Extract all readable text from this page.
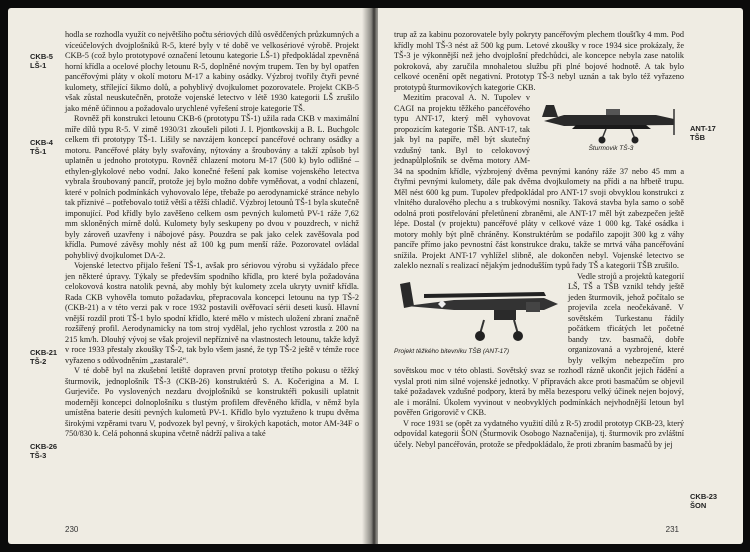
hodla se rozhodla využít co největšího počtu sériových dílů osvědčených průzkumných a víceúčelových dvojplošníků R-5, které byly v té době ve velkosériové výrobě. Projekt CKB-5 (což bylo prototypové označení letounu kategorie LŠ-1) předpokládal zpevněná horní křídla a ocelové plochy letounu R-5, doplněné novým trupem. Ten by byl opatřen pancéřovými pláty v okolí motoru M-17 a kabiny osádky. Výzbroj tvořily čtyři pevné kulomety, střílející šikmo dolů, a pohyblivý dvojkulomet pozorovatele. Projekt CKB-5 však zůstal neuskutečněn, protože vojenské letectvo v létě 1930 kategorii LŠ zrušilo jako méně účinnou a požadovalo urychlené vyřešení stroje kategorie TŠ.

Rovněž při konstrukci letounu CKB-6 (prototypu TŠ-1) užila rada CKB v maximální míře dílů typu R-5. V zimě 1930/31 zkoušeli piloti J. I. Pjontkovskij a B. L. Buchgolc celkem tři prototypy TŠ-1. Lišily se navzájem koncepcí pancéřové ochrany osádky a motoru. Pancéřové pláty byly svařovány, nýtovány a šroubovány a takží způsob byl uplatněn u jednoho prototypu. Rovněž chlazení motoru M-17 (500 k) bylo odlišné – ethylen-glykolové nebo vodní. Jako konečné řešení pak komise vojenského letectva vybrala šroubovaný pancíř, protože jej bylo možno dobře vyměňovat, a vodní chlazení, které v polních podmínkách vyhovovalo lépe, třebaže po aerodynamické stránce nebylo tak příznivé – potřebovalo totiž větší a těžší chladič. Výzbroj letounů TŠ-1 byla skutečně imponující. Pod křídly bylo zavěšeno celkem osm pevných kulometů PV-1 ráže 7,62 mm skloněných mírně dolů. Kulomety byly seskupeny po dvou v pouzdrech, v nichž byly zároveň uzavřeny i nábojové pásy. Pouzdra se pak jako celek zavěšovala pod křídla. Pumové závěsy mohly nést až 100 kg pum menší ráže. Pozorovatel ovládal pohyblivý dvojkulomet DA-2.

Vojenské letectvo přijalo řešení TŠ-1, avšak pro sériovou výrobu si vyžádalo přece jen některé úpravy. Týkaly se především spodního křídla, pro které byla požadována celokovová kostra natolik pevná, aby mohly být kulomety zcela ukryty uvnitř křídla. Rada CKB vyhověla tomuto požadavku, přepracovala koncepci letounu na typ TŠ-2 (CKB-21) a v této verzi pak v roce 1932 postavili ověřovací sérii deseti kusů. Hlavní vnější rozdíl proti TŠ-1 bylo spodní křídlo, které mělo v místech uložení zbraní značně rozšířený profil. Aerodynamicky na tom stroj vydělal, jeho rychlost vzrostla z 200 na 215 km/h. Dlouhý vývoj se však projevil nepříznivě na vlastnostech letounu, takže když v roce 1933 přestaly zkoušky TŠ-2, tak bylo všem jasné, že typ TŠ-2 ještě v témže roce vyřazeno s odůvodněním „zastaralé“.

V té době byl na zkušební letiště dopraven první prototyp třetího pokusu o těžký šturmovik, jednoplošník TŠ-3 (CKB-26) konstruktérů S. A. Kočerigina a M. I. Gurjeviče. Po vyslovených nezdaru dvojplošníků se konstruktéři pokusili uplatnit moderněji koncepci dolnoplošníku s tlustým profilem dřevěného křídla, v němž byla umístěna baterie desíti pevných kulometů PV-1. Křídlo bylo vyztuženo k trupu dvěma širokými vzpěrami tvaru V, podvozek byl pevný, v širokých kapotách, motor AM-34F o 750/830 k. Celá pohonná skupina včetně nádrží paliva a také

CKB-5
LŠ-1
CKB-4
TŠ-1
CKB-21
TŠ-2
CKB-26
TŠ-3
230

trup až za kabinu pozorovatele byly pokryty pancéřovým plechem tloušťky 4 mm. Pod křídly mohl TŠ-3 nést až 500 kg pum. Letové zkoušky v roce 1934 sice prokázaly, že TŠ-3 je výkonnější než jeho dvojplošní předchůdci, ale koncepce nebyla zase natolik pokroková, aby zaručila mnohaletou službu při plné bojové hodnotě. A tak bylo celkové ocenění opět negativní. Prototyp TŠ-3 nebyl uznán a tak bylo též vyřazeno prototypů šturmovikových kategorie CKB.

Šturmovik TŠ-3
Mezitím pracoval A. N. Tupolev v CAGI na projektu těžkého pancéřového typu ANT-17, který měl vyhovovat propozicím kategorie TŠB. ANT-17, tak jak byl na papíře, měl být skutečný vzdušný tank. Byl to celokovový jednapůlplošník se dvěma motory AM-34 na spodním křídle, výzbrojený dvěma pevnými kanóny ráže 37 nebo 45 mm a čtyřmi pevnými kulomety, dále pak dvěma dvojkulomety na přídi a na hřbetě trupu. Měl nést 600 kg pum. Tupolev předpokládal pro ANT-17 svoji obvyklou konstrukci z vlnitého duralového plechu a s trubkovými nosníky. Taková stavba byla samo o sobě odolná proti postřelování přeletůnení zbraněmi, ale ANT-17 měl být zabezpečen ještě lépe. Dostal (v projektu) pancéřové pláty v celkové váze 1 000 kg. Také osádka i motory mohly být plně chráněny. Konstruktérům se podařilo zapojit 300 kg z váhy pancíře přímo jako pevnostní část konstrukce draku, takže se mrtvá váha pancéřování snížila. Projekt ANT-17 vyhlížel slibně, ale dokončen nebyl. Vojenské letectvo se zaleklo neznalí s realizací nějakým jednodušším typů řady TŠ a kategorii TŠB zrušilo.

Projekt těžkého bitevníku TŠB (ANT-17)
Vedle strojů a projektů kategorií LŠ, TŠ a TŠB vznikl tehdy ještě jeden šturmovik, jehož počítalo se projevila zcela neočekávaně. V sovětském Turkestanu řádily počátkem třicátých let početné bandy tzv. basmačů, dobře organizovaná a vyzbrojené, které byly velkým nebezpečím pro sovětskou moc v této oblasti. Sovětský svaz se rozhodl rázně ukončit jejich řádění a vyslal proti nim silné vojenské jednotky. V přípravách akce proti basmačům se objevil také požadavek vzdušné podpory, která by měla bezesporu velký účinek nejen bojový, ale i morální. Úkolem vyvinout v neobvyklých podmínkách nejvhodnější letoun byl pověřen Grigorovič v CKB.

V roce 1931 se (opět za vydatného využití dílů z R-5) zrodil prototyp CKB-23, který odpovídal kategorii ŠON (Šturmovik Osobogo Naznačenija), tj. šturmovik pro zvláštní účely. Nebyl pancéřován, protože se předpokládalo, že proti zbraním basmačů by jej

ANT-17
TŠB
CKB-23
ŠON
231
